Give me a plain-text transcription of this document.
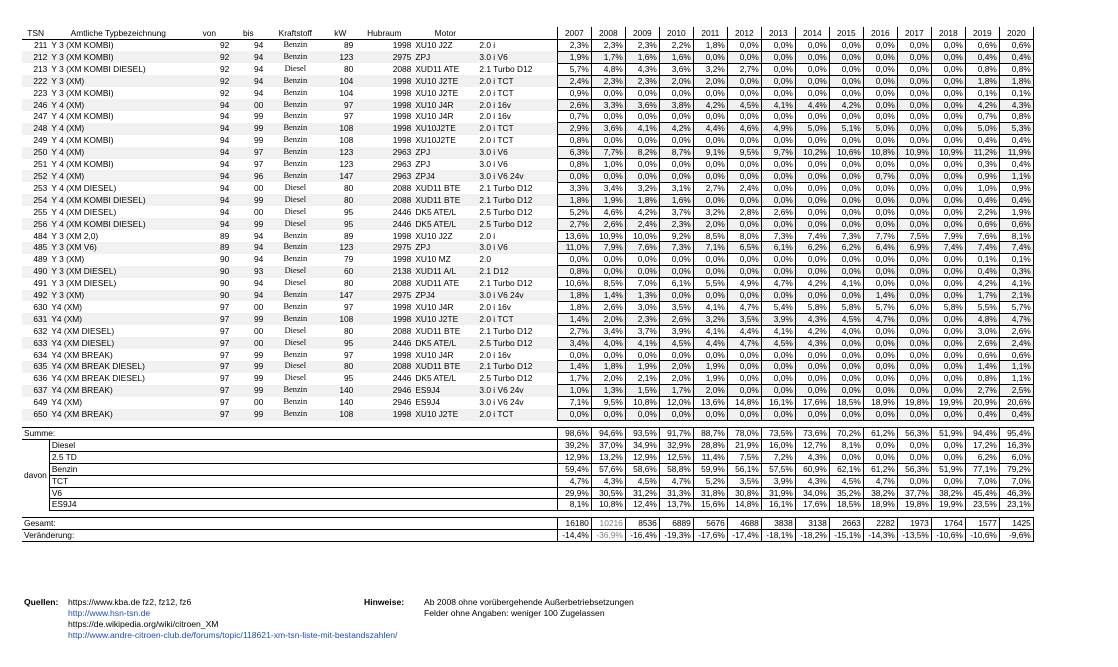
TSN	Amtliche Typbezeichnung	von	bis	Kraftstoff	kW	Hubraum	Motor		2007	2008	2009	2010	2011	2012	2013	2014	2015	2016	2017	2018	2019	2020
211	Y 3 (XM KOMBI)	92	94	Benzin	89	1998	XU10 J2Z	2.0 i	2,3%	2,3%	2,3%	2,2%	1,8%	0,0%	0,0%	0,0%	0,0%	0,0%	0,0%	0,0%	0,6%	0,6%
212	Y 3 (XM KOMBI)	92	94	Benzin	123	2975	ZPJ	3.0 i V6	1,9%	1,7%	1,6%	1,6%	0,0%	0,0%	0,0%	0,0%	0,0%	0,0%	0,0%	0,0%	0,4%	0,4%
213	Y 3 (XM KOMBI DIESEL)	92	94	Diesel	80	2088	XUD11 ATE	2.1 Turbo D12	5,7%	4,8%	4,3%	3,6%	3,2%	2,7%	0,0%	0,0%	0,0%	0,0%	0,0%	0,0%	0,8%	0,8%
222	Y 3 (XM)	92	94	Benzin	104	1998	XU10 J2TE	2.0 i TCT	2,4%	2,3%	2,3%	2,0%	2,0%	0,0%	0,0%	0,0%	0,0%	0,0%	0,0%	0,0%	1,8%	1,8%
223	Y 3 (XM KOMBI)	92	94	Benzin	104	1998	XU10 J2TE	2.0 i TCT	0,9%	0,0%	0,0%	0,0%	0,0%	0,0%	0,0%	0,0%	0,0%	0,0%	0,0%	0,0%	0,1%	0,1%
246	Y 4 (XM)	94	00	Benzin	97	1998	XU10 J4R	2.0 i 16v	2,6%	3,3%	3,6%	3,8%	4,2%	4,5%	4,1%	4,4%	4,2%	0,0%	0,0%	0,0%	4,2%	4,3%
247	Y 4 (XM KOMBI)	94	99	Benzin	97	1998	XU10 J4R	2.0 i 16v	0,7%	0,0%	0,0%	0,0%	0,0%	0,0%	0,0%	0,0%	0,0%	0,0%	0,0%	0,0%	0,7%	0,8%
248	Y 4 (XM)	94	99	Benzin	108	1998	XU10J2TE	2.0 i TCT	2,9%	3,6%	4,1%	4,2%	4,4%	4,6%	4,9%	5,0%	5,1%	5,0%	0,0%	0,0%	5,0%	5,3%
249	Y 4 (XM KOMBI)	94	99	Benzin	108	1998	XU10J2TE	2.0 i TCT	0,8%	0,0%	0,0%	0,0%	0,0%	0,0%	0,0%	0,0%	0,0%	0,0%	0,0%	0,0%	0,4%	0,4%
250	Y 4 (XM)	94	97	Benzin	123	2963	ZPJ	3.0 i V6	6,3%	7,7%	8,2%	8,7%	9,1%	9,5%	9,7%	10,2%	10,6%	10,8%	10,9%	10,9%	11,2%	11,9%
251	Y 4 (XM KOMBI)	94	97	Benzin	123	2963	ZPJ	3.0 i V6	0,8%	1,0%	0,0%	0,0%	0,0%	0,0%	0,0%	0,0%	0,0%	0,0%	0,0%	0,0%	0,3%	0,4%
252	Y 4 (XM)	94	96	Benzin	147	2963	ZPJ4	3.0 i V6 24v	0,0%	0,0%	0,0%	0,0%	0,0%	0,0%	0,0%	0,0%	0,0%	0,7%	0,0%	0,0%	0,9%	1,1%
253	Y 4 (XM DIESEL)	94	00	Diesel	80	2088	XUD11 BTE	2.1 Turbo D12	3,3%	3,4%	3,2%	3,1%	2,7%	2,4%	0,0%	0,0%	0,0%	0,0%	0,0%	0,0%	1,0%	0,9%
254	Y 4 (XM KOMBI DIESEL)	94	99	Diesel	80	2088	XUD11 BTE	2.1 Turbo D12	1,8%	1,9%	1,8%	1,6%	0,0%	0,0%	0,0%	0,0%	0,0%	0,0%	0,0%	0,0%	0,4%	0,4%
255	Y 4 (XM DIESEL)	94	00	Diesel	95	2446	DK5 ATE/L	2.5 Turbo D12	5,2%	4,6%	4,2%	3,7%	3,2%	2,8%	2,6%	0,0%	0,0%	0,0%	0,0%	0,0%	2,2%	1,9%
256	Y 4 (XM KOMBI DIESEL)	94	99	Diesel	95	2446	DK5 ATE/L	2.5 Turbo D12	2,7%	2,6%	2,4%	2,3%	2,0%	0,0%	0,0%	0,0%	0,0%	0,0%	0,0%	0,0%	0,6%	0,6%
484	Y 3 (XM 2,0)	89	94	Benzin	89	1998	XU10 J2Z	2.0 i	13,6%	10,9%	10,0%	9,2%	8,5%	8,0%	7,3%	7,4%	7,3%	7,7%	7,5%	7,9%	7,6%	8,1%
485	Y 3 (XM V6)	89	94	Benzin	123	2975	ZPJ	3.0 i V6	11,0%	7,9%	7,6%	7,3%	7,1%	6,5%	6,1%	6,2%	6,2%	6,4%	6,9%	7,4%	7,4%	7,4%
489	Y 3 (XM)	90	94	Benzin	79	1998	XU10 MZ	2.0	0,0%	0,0%	0,0%	0,0%	0,0%	0,0%	0,0%	0,0%	0,0%	0,0%	0,0%	0,0%	0,1%	0,1%
490	Y 3 (XM DIESEL)	90	93	Diesel	60	2138	XUD11 A/L	2.1 D12	0,8%	0,0%	0,0%	0,0%	0,0%	0,0%	0,0%	0,0%	0,0%	0,0%	0,0%	0,0%	0,4%	0,3%
491	Y 3 (XM DIESEL)	90	94	Diesel	80	2088	XUD11 ATE	2.1 Turbo D12	10,6%	8,5%	7,0%	6,1%	5,5%	4,9%	4,7%	4,2%	4,1%	0,0%	0,0%	0,0%	4,2%	4,1%
492	Y 3 (XM)	90	94	Benzin	147	2975	ZPJ4	3.0 i V6 24v	1,8%	1,4%	1,3%	0,0%	0,0%	0,0%	0,0%	0,0%	0,0%	1,4%	0,0%	0,0%	1,7%	2,1%
630	Y4 (XM)	97	00	Benzin	97	1998	XU10 J4R	2.0 i 16v	1,8%	2,6%	3,0%	3,5%	4,1%	4,7%	5,4%	5,8%	5,8%	5,7%	6,0%	5,8%	5,5%	5,7%
631	Y4 (XM)	97	99	Benzin	108	1998	XU10 J2TE	2.0 i TCT	1,4%	2,0%	2,3%	2,6%	3,2%	3,5%	3,9%	4,3%	4,5%	4,7%	0,0%	0,0%	4,8%	4,7%
632	Y4 (XM DIESEL)	97	00	Diesel	80	2088	XUD11 BTE	2.1 Turbo D12	2,7%	3,4%	3,7%	3,9%	4,1%	4,4%	4,1%	4,2%	4,0%	0,0%	0,0%	0,0%	3,0%	2,6%
633	Y4 (XM DIESEL)	97	00	Diesel	95	2446	DK5 ATE/L	2.5 Turbo D12	3,4%	4,0%	4,1%	4,5%	4,4%	4,7%	4,5%	4,3%	0,0%	0,0%	0,0%	0,0%	2,6%	2,4%
634	Y4 (XM BREAK)	97	99	Benzin	97	1998	XU10 J4R	2.0 i 16v	0,0%	0,0%	0,0%	0,0%	0,0%	0,0%	0,0%	0,0%	0,0%	0,0%	0,0%	0,0%	0,6%	0,6%
635	Y4 (XM BREAK DIESEL)	97	99	Diesel	80	2088	XUD11 BTE	2.1 Turbo D12	1,4%	1,8%	1,9%	2,0%	1,9%	0,0%	0,0%	0,0%	0,0%	0,0%	0,0%	0,0%	1,4%	1,1%
636	Y4 (XM BREAK DIESEL)	97	99	Diesel	95	2446	DK5 ATE/L	2.5 Turbo D12	1,7%	2,0%	2,1%	2,0%	1,9%	0,0%	0,0%	0,0%	0,0%	0,0%	0,0%	0,0%	0,8%	1,1%
637	Y4 (XM BREAK)	97	99	Benzin	140	2946	ES9J4	3.0 i V6 24v	1,0%	1,3%	1,5%	1,7%	2,0%	0,0%	0,0%	0,0%	0,0%	0,0%	0,0%	0,0%	2,7%	2,5%
649	Y4 (XM)	97	00	Benzin	140	2946	ES9J4	3.0 i V6 24v	7,1%	9,5%	10,8%	12,0%	13,6%	14,8%	16,1%	17,6%	18,5%	18,9%	19,8%	19,9%	20,9%	20,6%
650	Y4 (XM BREAK)	97	99	Benzin	108	1998	XU10 J2TE	2.0 i TCT	0,0%	0,0%	0,0%	0,0%	0,0%	0,0%	0,0%	0,0%	0,0%	0,0%	0,0%	0,0%	0,4%	0,4%

Summe:									98,6%	94,6%	93,5%	91,7%	88,7%	78,0%	73,5%	73,6%	70,2%	61,2%	56,3%	51,9%	94,4%	95,4%
davon	Diesel								39,2%	37,0%	34,9%	32,9%	28,8%	21,9%	16,0%	12,7%	8,1%	0,0%	0,0%	0,0%	17,2%	16,3%
	2.5 TD								12,9%	13,2%	12,9%	12,5%	11,4%	7,5%	7,2%	4,3%	0,0%	0,0%	0,0%	0,0%	6,2%	6,0%
	Benzin								59,4%	57,6%	58,6%	58,8%	59,9%	56,1%	57,5%	60,9%	62,1%	61,2%	56,3%	51,9%	77,1%	79,2%
	TCT								4,7%	4,3%	4,5%	4,7%	5,2%	3,5%	3,9%	4,3%	4,5%	4,7%	0,0%	0,0%	7,0%	7,0%
	V6								29,9%	30,5%	31,2%	31,3%	31,8%	30,8%	31,9%	34,0%	35,2%	38,2%	37,7%	38,2%	45,4%	46,3%
	ES9J4								8,1%	10,8%	12,4%	13,7%	15,6%	14,8%	16,1%	17,6%	18,5%	18,9%	19,8%	19,9%	23,5%	23,1%

Gesamt:									16180	10216	8536	6889	5676	4688	3838	3138	2663	2282	1973	1764	1577	1425
Veränderung:									-14,4%	-36,9%	-16,4%	-19,3%	-17,6%	-17,4%	-18,1%	-18,2%	-15,1%	-14,3%	-13,5%	-10,6%	-10,6%	-9,6%
Quellen: https://www.kba.de fz2, fz12, fz6
http://www.hsn-tsn.de
https://de.wikipedia.org/wiki/citroen_XM
http://www.andre-citroen-club.de/forums/topic/118621-xm-tsn-liste-mit-bestandszahlen/
Hinweise: Ab 2008 ohne vorübergehende Außerbetriebsetzungen
Felder ohne Angaben: weniger 100 Zugelassen
